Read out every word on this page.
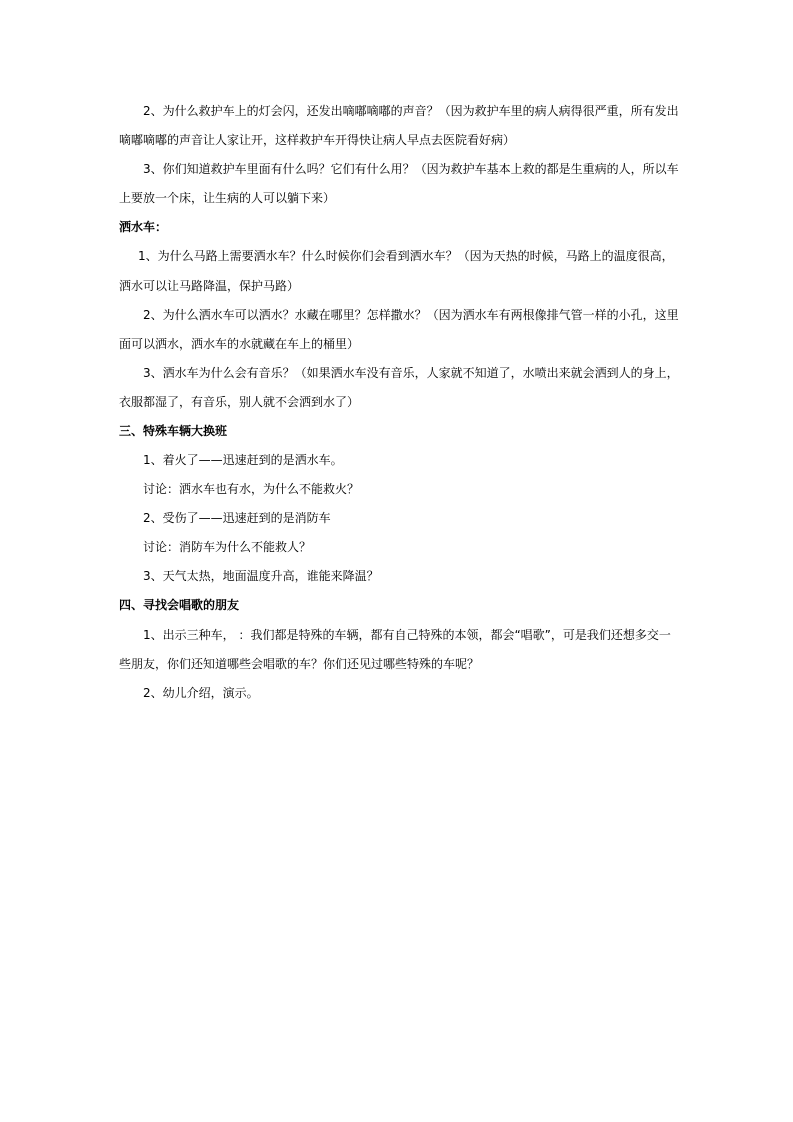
2、为什么救护车上的灯会闪，还发出嘀嘟嘀嘟的声音？（因为救护车里的病人病得很严重，所有发出
嘀嘟嘀嘟的声音让人家让开，这样救护车开得快让病人早点去医院看好病）
3、你们知道救护车里面有什么吗？它们有什么用？（因为救护车基本上救的都是生重病的人，所以车
上要放一个床，让生病的人可以躺下来）
洒水车：
1、为什么马路上需要洒水车？什么时候你们会看到洒水车？（因为天热的时候，马路上的温度很高，
洒水可以让马路降温，保护马路）
2、为什么洒水车可以洒水？水藏在哪里？怎样撒水？（因为洒水车有两根像排气管一样的小孔，这里
面可以洒水，洒水车的水就藏在车上的桶里）
3、洒水车为什么会有音乐？（如果洒水车没有音乐，人家就不知道了，水喷出来就会洒到人的身上，
衣服都湿了，有音乐，别人就不会洒到水了）
三、特殊车辆大换班
1、着火了——迅速赶到的是洒水车。
讨论：洒水车也有水，为什么不能救火？
2、受伤了——迅速赶到的是消防车
讨论：消防车为什么不能救人？
3、天气太热，地面温度升高，谁能来降温？
四、寻找会唱歌的朋友
1、出示三种车， ：我们都是特殊的车辆，都有自己特殊的本领，都会“唱歌”，可是我们还想多交一
些朋友，你们还知道哪些会唱歌的车？你们还见过哪些特殊的车呢？
2、幼儿介绍，演示。
